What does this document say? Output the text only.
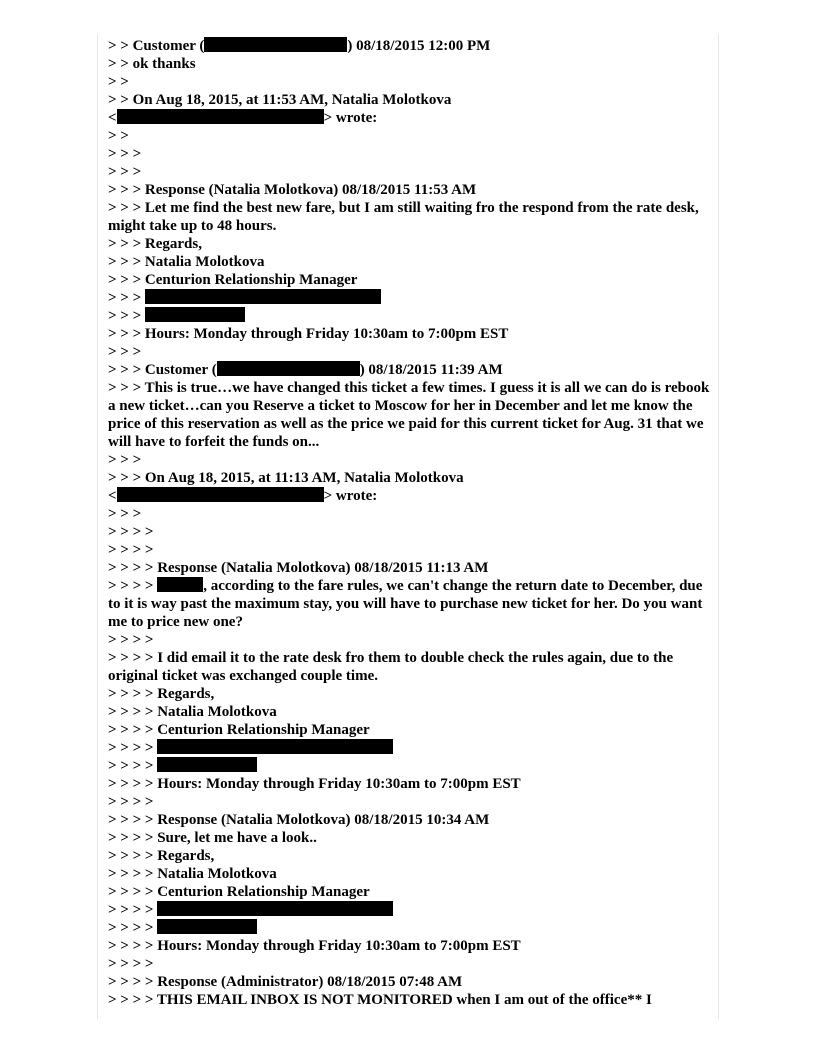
> > Customer (	) 08/18/2015 12:00 PM
> > ok thanks
> >
> > On Aug 18, 2015, at 11:53 AM, Natalia Molotkova
<	> wrote:
> >
> > >
> > >
> > > Response (Natalia Molotkova) 08/18/2015 11:53 AM
> > > Let me find the best new fare, but I am still waiting fro the respond from the rate desk, might take up to 48 hours.
> > > Regards,
> > > Natalia Molotkova
> > > Centurion Relationship Manager
> > >
> > >
> > > Hours: Monday through Friday 10:30am to 7:00pm EST
> > >
> > > Customer (	) 08/18/2015 11:39 AM
> > > This is true…we have changed this ticket a few times. I guess it is all we can do is rebook a new ticket…can you Reserve a ticket to Moscow for her in December and let me know the price of this reservation as well as the price we paid for this current ticket for Aug. 31 that we will have to forfeit the funds on...
> > >
> > > On Aug 18, 2015, at 11:13 AM, Natalia Molotkova
<	> wrote:
> > >
> > > >
> > > >
> > > > Response (Natalia Molotkova) 08/18/2015 11:13 AM
> > > >	, according to the fare rules, we can't change the return date to December, due to it is way past the maximum stay, you will have to purchase new ticket for her. Do you want me to price new one?
> > > >
> > > > I did email it to the rate desk fro them to double check the rules again, due to the original ticket was exchanged couple time.
> > > > Regards,
> > > > Natalia Molotkova
> > > > Centurion Relationship Manager
> > > >
> > > >
> > > > Hours: Monday through Friday 10:30am to 7:00pm EST
> > > >
> > > > Response (Natalia Molotkova) 08/18/2015 10:34 AM
> > > > Sure, let me have a look..
> > > > Regards,
> > > > Natalia Molotkova
> > > > Centurion Relationship Manager
> > > >
> > > >
> > > > Hours: Monday through Friday 10:30am to 7:00pm EST
> > > >
> > > > Response (Administrator) 08/18/2015 07:48 AM
> > > > THIS EMAIL INBOX IS NOT MONITORED when I am out of the office** I
